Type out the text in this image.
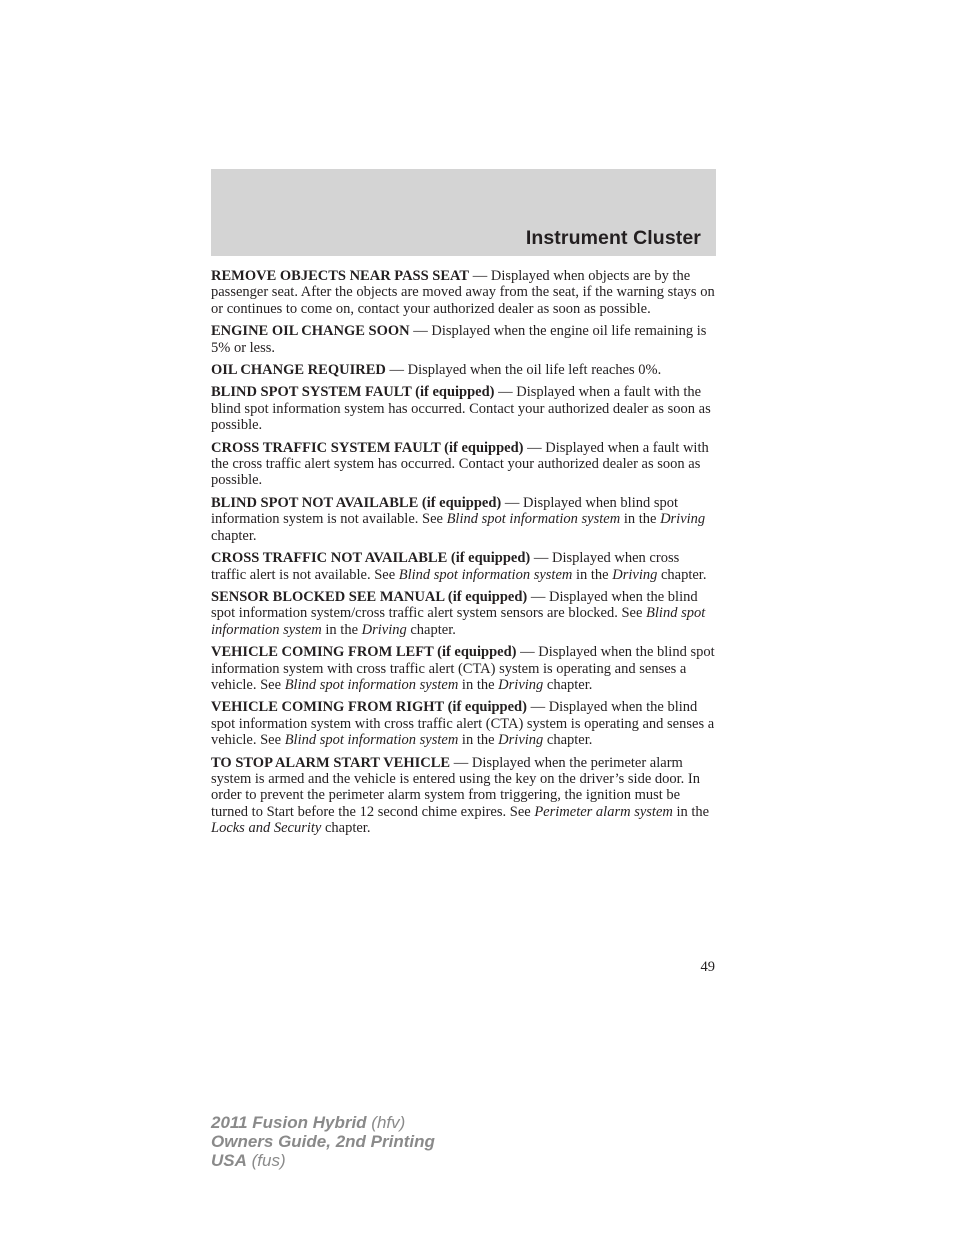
Instrument Cluster

REMOVE OBJECTS NEAR PASS SEAT — Displayed when objects are by the passenger seat. After the objects are moved away from the seat, if the warning stays on or continues to come on, contact your authorized dealer as soon as possible.

ENGINE OIL CHANGE SOON — Displayed when the engine oil life remaining is 5% or less.

OIL CHANGE REQUIRED — Displayed when the oil life left reaches 0%.

BLIND SPOT SYSTEM FAULT (if equipped) — Displayed when a fault with the blind spot information system has occurred. Contact your authorized dealer as soon as possible.

CROSS TRAFFIC SYSTEM FAULT (if equipped) — Displayed when a fault with the cross traffic alert system has occurred. Contact your authorized dealer as soon as possible.

BLIND SPOT NOT AVAILABLE (if equipped) — Displayed when blind spot information system is not available. See Blind spot information system in the Driving chapter.

CROSS TRAFFIC NOT AVAILABLE (if equipped) — Displayed when cross traffic alert is not available. See Blind spot information system in the Driving chapter.

SENSOR BLOCKED SEE MANUAL (if equipped) — Displayed when the blind spot information system/cross traffic alert system sensors are blocked. See Blind spot information system in the Driving chapter.

VEHICLE COMING FROM LEFT (if equipped) — Displayed when the blind spot information system with cross traffic alert (CTA) system is operating and senses a vehicle. See Blind spot information system in the Driving chapter.

VEHICLE COMING FROM RIGHT (if equipped) — Displayed when the blind spot information system with cross traffic alert (CTA) system is operating and senses a vehicle. See Blind spot information system in the Driving chapter.

TO STOP ALARM START VEHICLE — Displayed when the perimeter alarm system is armed and the vehicle is entered using the key on the driver’s side door. In order to prevent the perimeter alarm system from triggering, the ignition must be turned to Start before the 12 second chime expires. See Perimeter alarm system in the Locks and Security chapter.

49
2011 Fusion Hybrid (hfv)
Owners Guide, 2nd Printing
USA (fus)
